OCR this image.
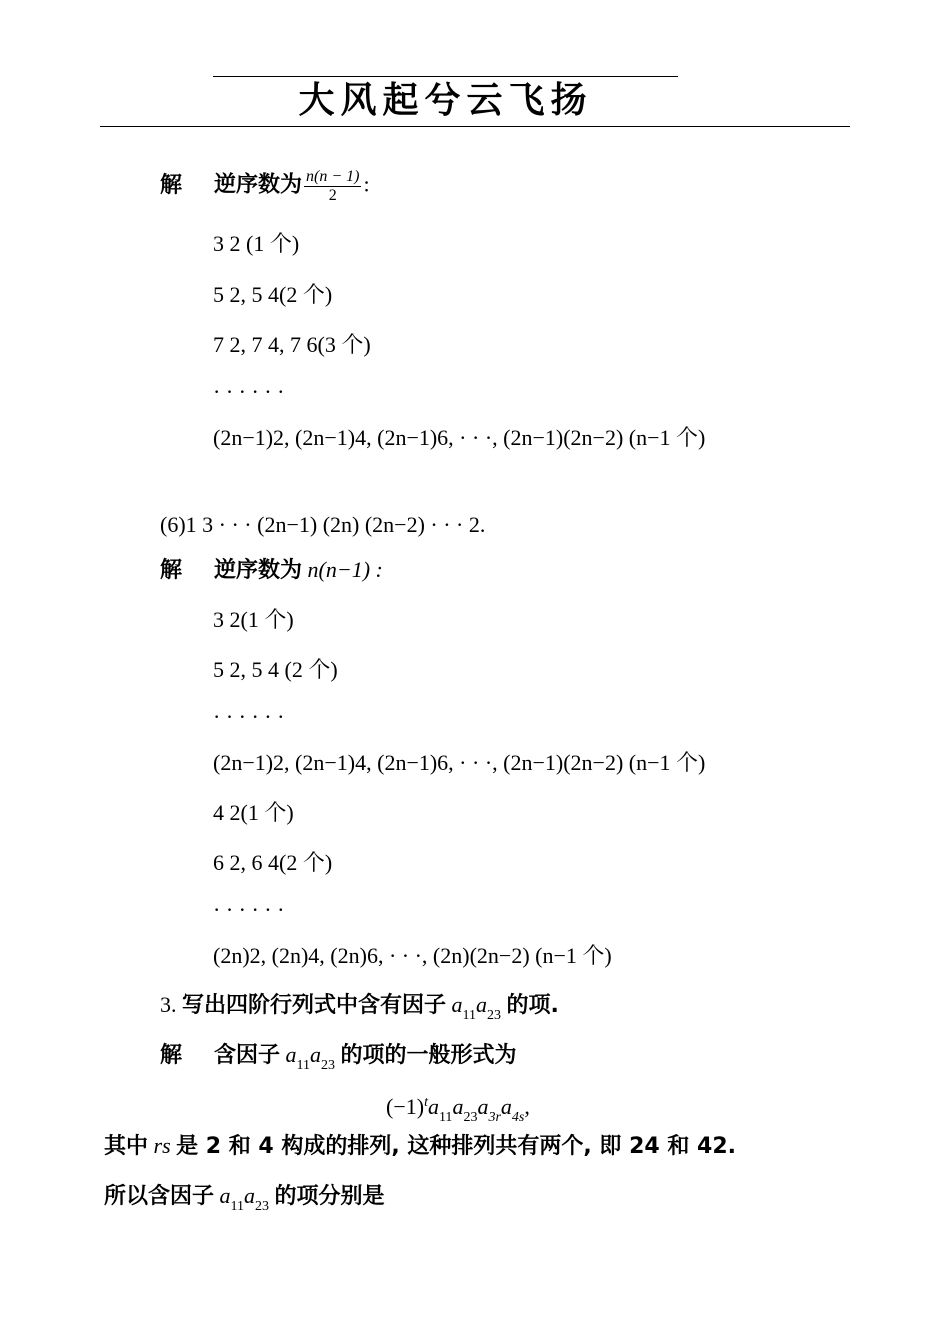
大风起兮云飞扬
解 逆序数为 $\frac{n(n - 1)}{2}$ :
3 2 (1 个)
5 2, 5 4(2 个)
7 2, 7 4, 7 6(3 个)
· · · · · ·
(2n−1)2, (2n−1)4, (2n−1)6, · · ·, (2n−1)(2n−2) (n−1 个)
(6)1 3 · · · (2n−1) (2n) (2n−2) · · · 2.
解 逆序数为 n(n−1) :
3 2(1 个)
5 2, 5 4 (2 个)
· · · · · ·
(2n−1)2, (2n−1)4, (2n−1)6, · · ·, (2n−1)(2n−2) (n−1 个)
4 2(1 个)
6 2, 6 4(2 个)
· · · · · ·
(2n)2, (2n)4, (2n)6, · · ·, (2n)(2n−2) (n−1 个)
3. 写出四阶行列式中含有因子 $a_{11}a_{23}$ 的项.
解 含因子 $a_{11}a_{23}$ 的项的一般形式为
$(-1)^ta_{11}a_{23}a_{3r}a_{4s}$,
其中 rs 是 2 和 4 构成的排列, 这种排列共有两个, 即 24 和 42.
所以含因子 $a_{11}a_{23}$ 的项分别是
